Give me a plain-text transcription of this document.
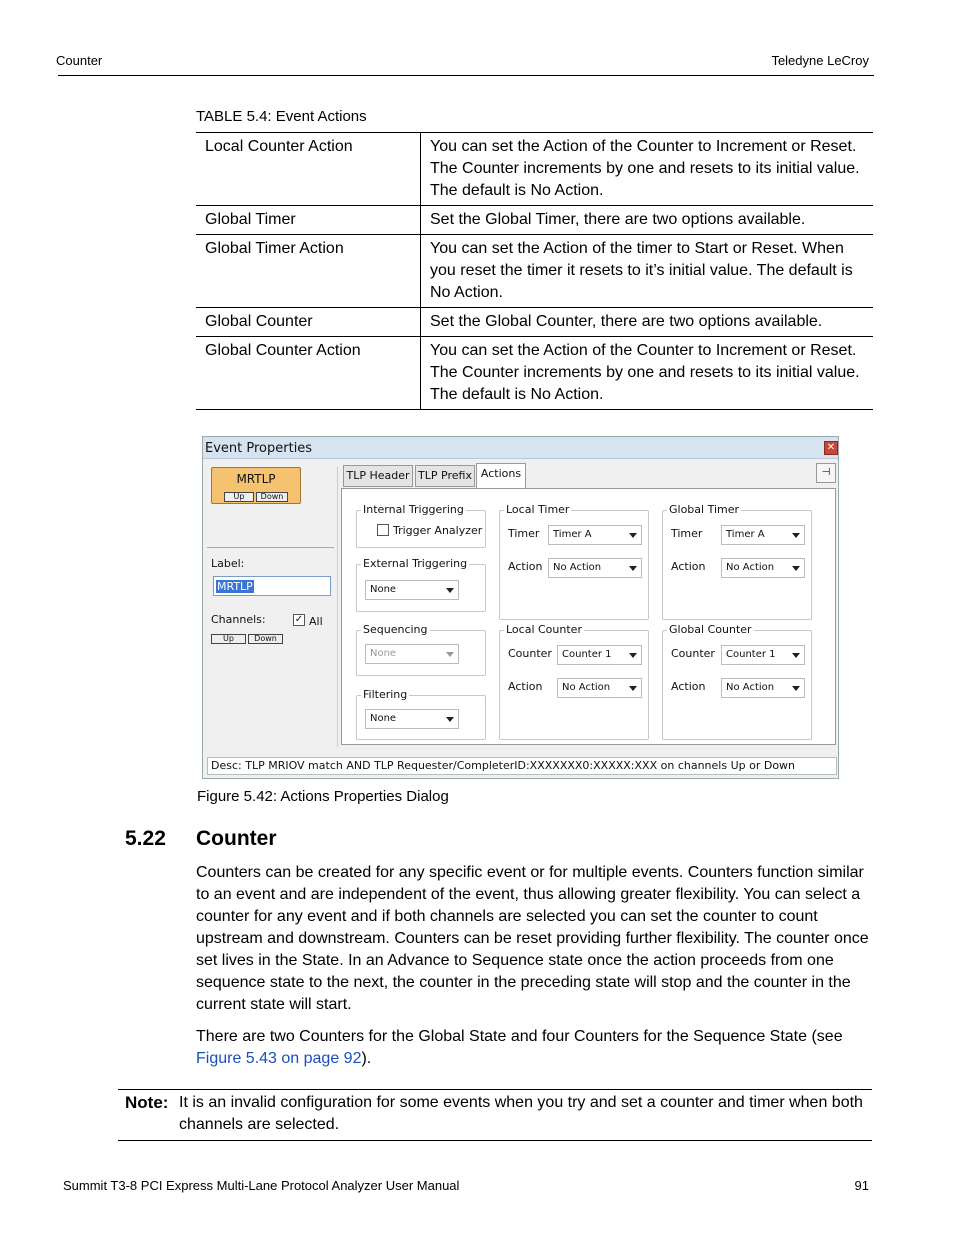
Counter	Teledyne LeCroy
TABLE 5.4: Event Actions
Local Counter Action	You can set the Action of the Counter to Increment or Reset. The Counter increments by one and resets to its initial value. The default is No Action.
Global Timer	Set the Global Timer, there are two options available.
Global Timer Action	You can set the Action of the timer to Start or Reset. When you reset the timer it resets to it’s initial value. The default is No Action.
Global Counter	Set the Global Counter, there are two options available.
Global Counter Action	You can set the Action of the Counter to Increment or Reset. The Counter increments by one and resets to its initial value. The default is No Action.
Event Properties	✕
MRTLP
Up	Down
Label:
MRTLP
Channels:	✓ All
Up	Down
TLP Header TLP Prefix Actions	⊣
Internal Triggering
Trigger Analyzer
External Triggering
None
Sequencing
None
Filtering
None
Local Timer
Timer	Timer A
Action	No Action
Global Timer
Timer	Timer A
Action	No Action
Local Counter
Counter	Counter 1
Action	No Action
Global Counter
Counter	Counter 1
Action	No Action
Desc: TLP MRIOV match AND TLP Requester/CompleterID:XXXXXXX0:XXXXX:XXX on channels Up or Down
Figure 5.42: Actions Properties Dialog
5.22 Counter
Counters can be created for any specific event or for multiple events. Counters function similar to an event and are independent of the event, thus allowing greater flexibility. You can select a counter for any event and if both channels are selected you can set the counter to count upstream and downstream. Counters can be reset providing further flexibility. The counter once set lives in the State. In an Advance to Sequence state once the action proceeds from one sequence state to the next, the counter in the preceding state will stop and the counter in the current state will start.
There are two Counters for the Global State and four Counters for the Sequence State (see Figure 5.43 on page 92).
Note: It is an invalid configuration for some events when you try and set a counter and timer when both channels are selected.
Summit T3-8 PCI Express Multi-Lane Protocol Analyzer User Manual	91
